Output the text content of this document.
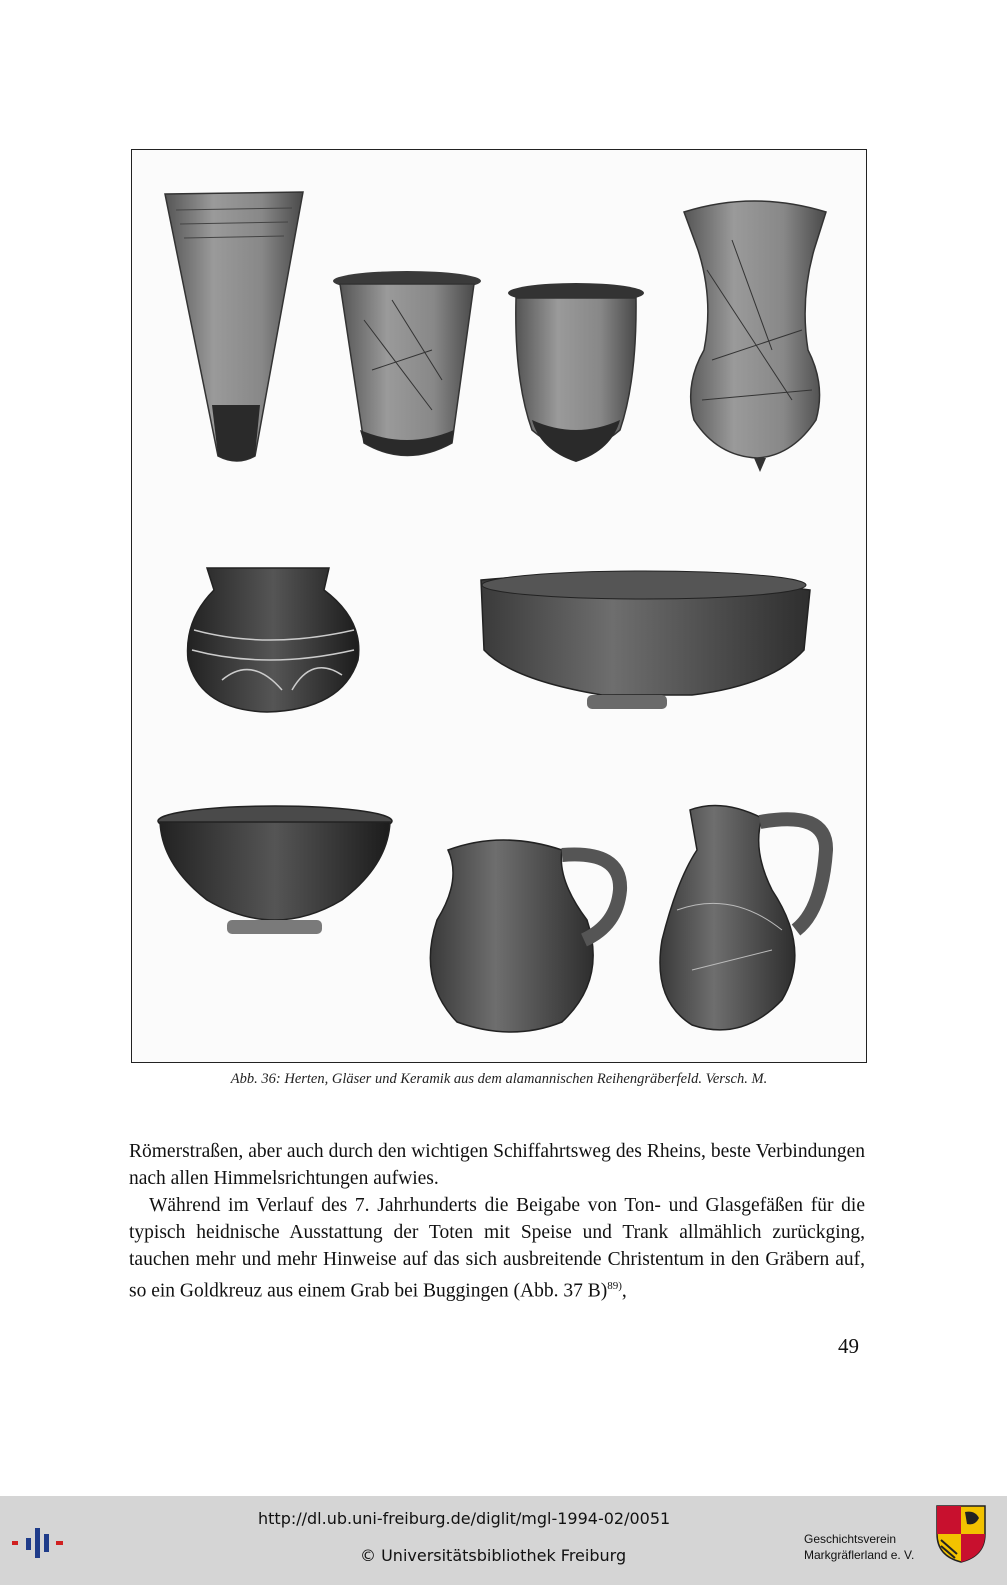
Abb. 36: Herten, Gläser und Keramik aus dem alamannischen Reihengräberfeld. Versch. M.

Römerstraßen, aber auch durch den wichtigen Schiffahrtsweg des Rheins, beste Verbindungen nach allen Himmelsrichtungen aufwies.

Während im Verlauf des 7. Jahrhunderts die Beigabe von Ton- und Glasgefäßen für die typisch heidnische Ausstattung der Toten mit Speise und Trank allmählich zurückging, tauchen mehr und mehr Hinweise auf das sich ausbreitende Christentum in den Gräbern auf, so ein Goldkreuz aus einem Grab bei Buggingen (Abb. 37 B)$^{89)}$,

49
http://dl.ub.uni-freiburg.de/diglit/mgl-1994-02/0051
© Universitätsbibliothek Freiburg
Geschichtsverein
Markgräflerland e. V.
